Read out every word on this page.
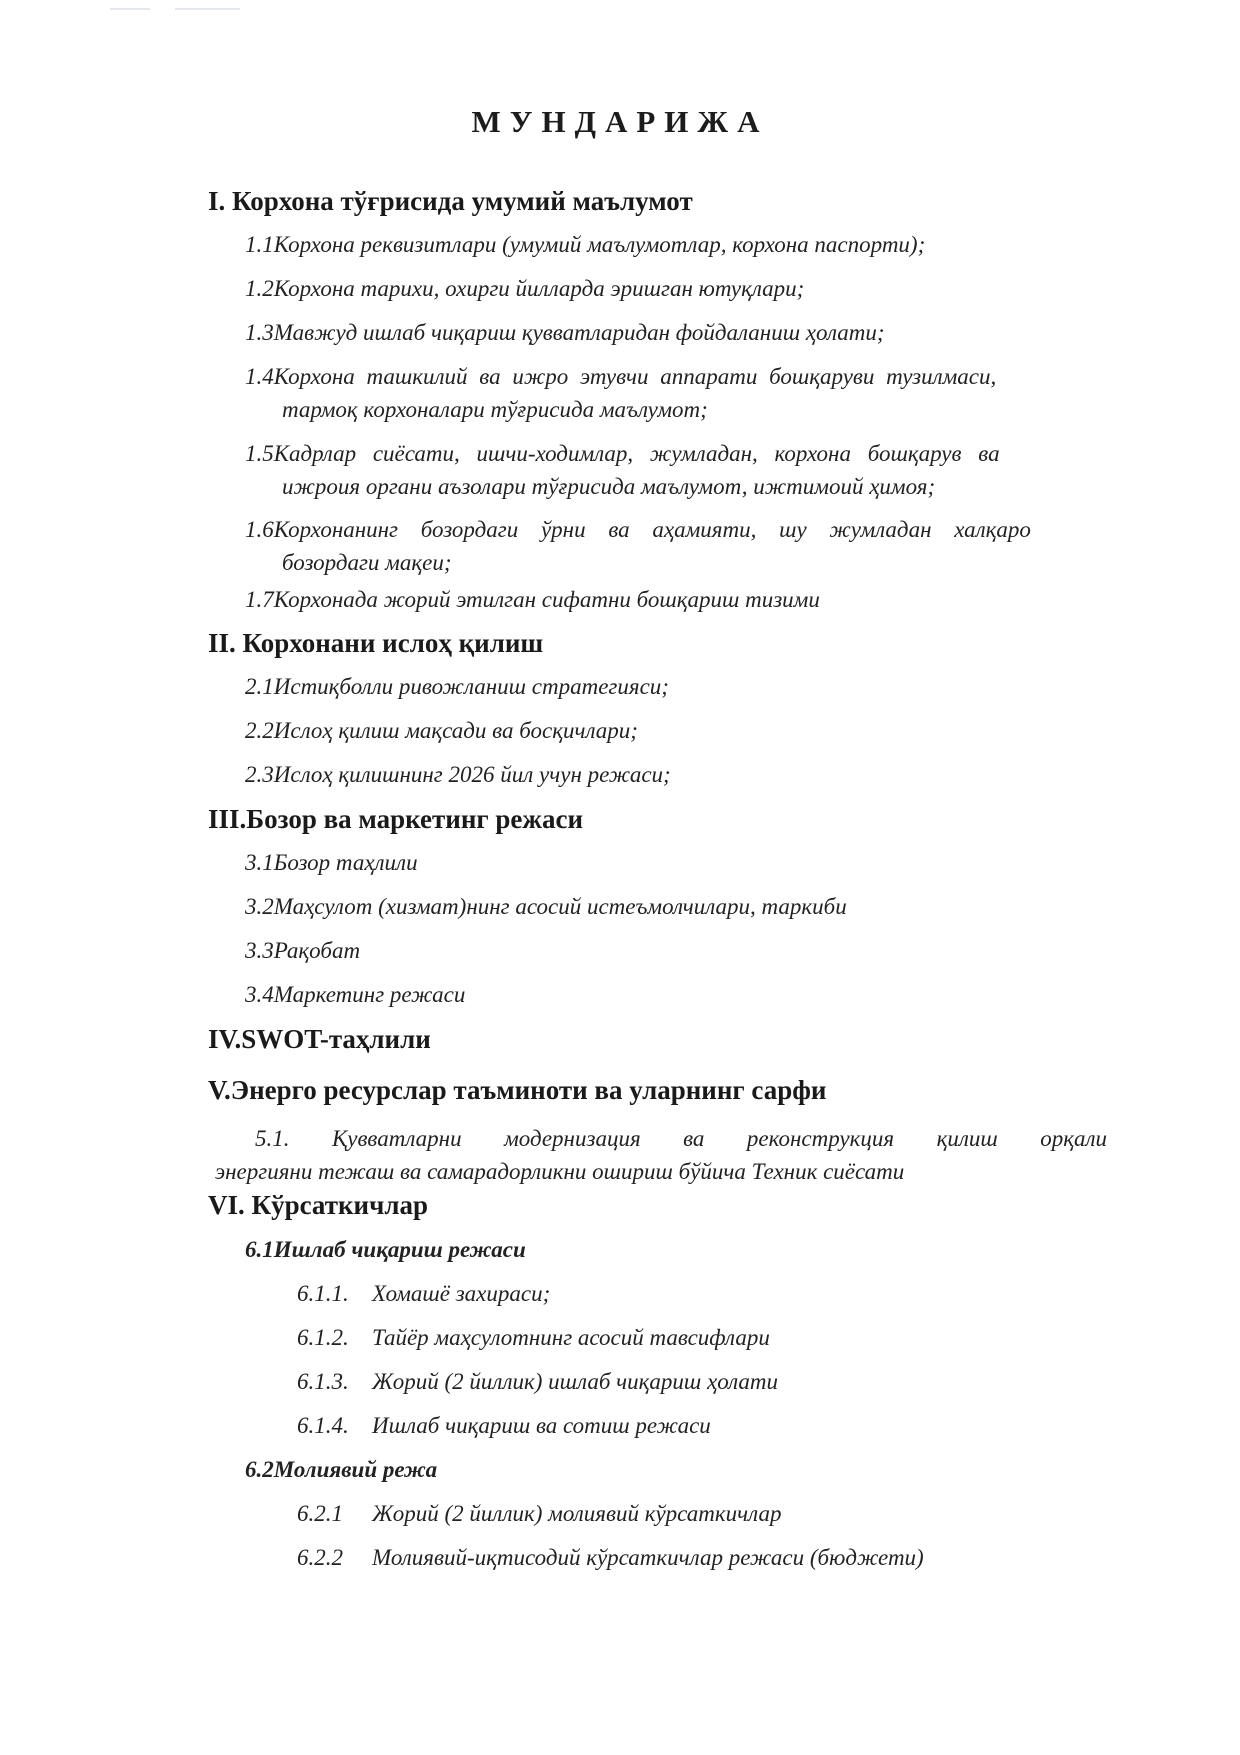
МУНДАРИЖА
I. Корхона тўғрисида умумий маълумот
1.1Корхона реквизитлари (умумий маълумотлар, корхона паспорти);
1.2Корхона тарихи, охирги йилларда эришган ютуқлари;
1.3Мавжуд ишлаб чиқариш қувватларидан фойдаланиш ҳолати;
1.4Корхона ташкилий ва ижро этувчи аппарати бошқаруви тузилмаси,
тармоқ корхоналари тўғрисида маълумот;
1.5Кадрлар сиёсати, ишчи-ходимлар, жумладан, корхона бошқарув ва
ижроия органи аъзолари тўғрисида маълумот, ижтимоий ҳимоя;
1.6Корхонанинг бозордаги ўрни ва аҳамияти, шу жумладан халқаро
бозордаги мақеи;
1.7Корхонада жорий этилган сифатни бошқариш тизими
II. Корхонани ислоҳ қилиш
2.1Истиқболли ривожланиш стратегияси;
2.2Ислоҳ қилиш мақсади ва босқичлари;
2.3Ислоҳ қилишнинг 2026 йил учун режаси;
III.Бозор ва маркетинг режаси
3.1Бозор таҳлили
3.2Маҳсулот (хизмат)нинг асосий истеъмолчилари, таркиби
3.3Рақобат
3.4Маркетинг режаси
IV.SWOT-таҳлили
V.Энерго ресурслар таъминоти ва уларнинг сарфи
5.1. Қувватларни модернизация ва реконструкция қилиш орқали
энергияни тежаш ва самарадорликни ошириш бўйича Техник сиёсати
VI. Кўрсаткичлар
6.1Ишлаб чиқариш режаси
6.1.1. Хомашё захираси;
6.1.2. Тайёр маҳсулотнинг асосий тавсифлари
6.1.3. Жорий (2 йиллик) ишлаб чиқариш ҳолати
6.1.4. Ишлаб чиқариш ва сотиш режаси
6.2Молиявий режа
6.2.1 Жорий (2 йиллик) молиявий кўрсаткичлар
6.2.2 Молиявий-иқтисодий кўрсаткичлар режаси (бюджети)
